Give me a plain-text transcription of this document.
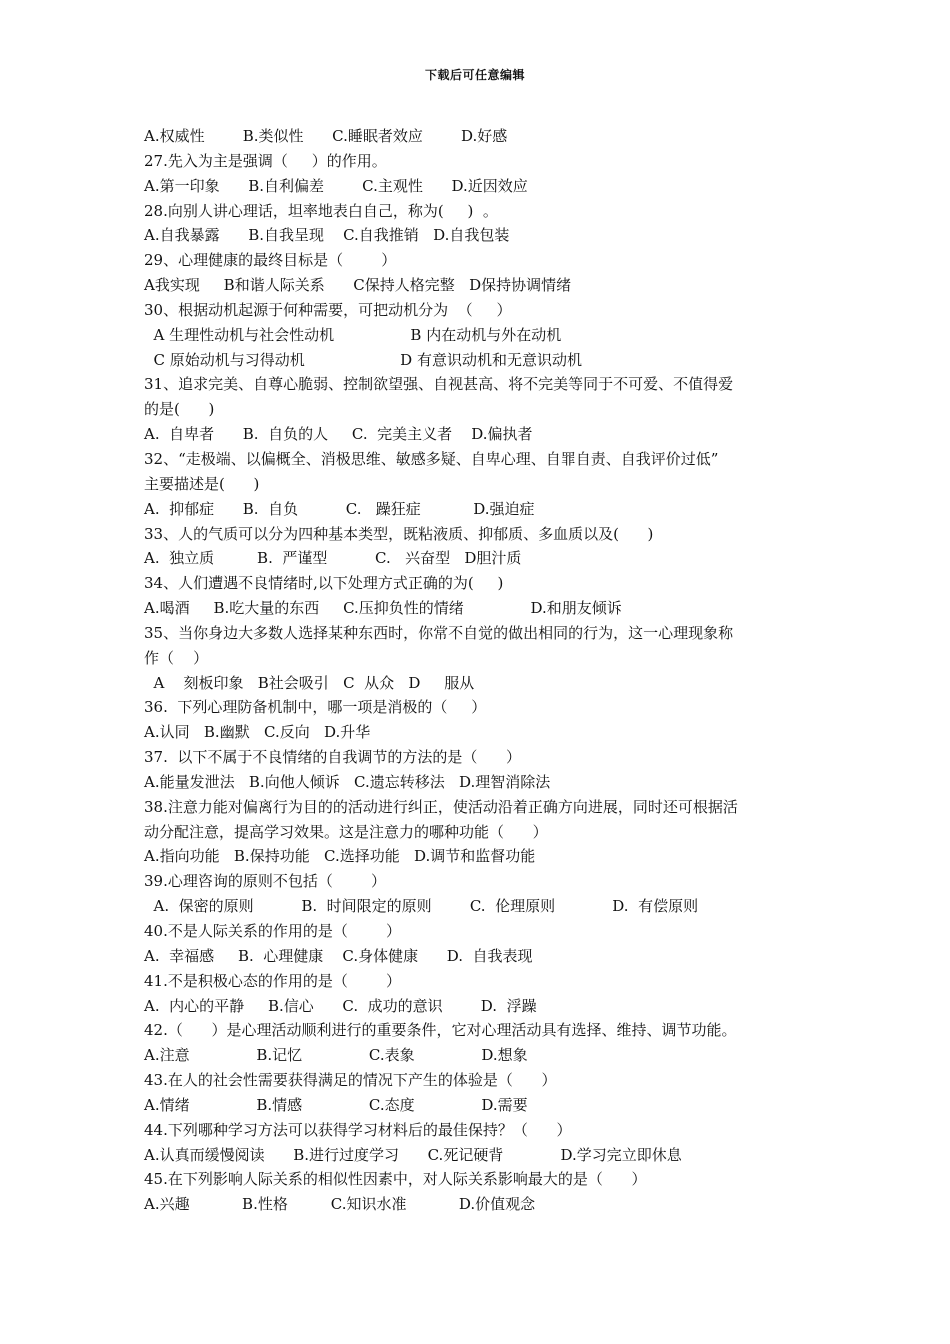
下载后可任意编辑
A.权威性        B.类似性      C.睡眠者效应        D.好感
27.先入为主是强调（     ）的作用。
A.第一印象      B.自利偏差        C.主观性      D.近因效应
28.向别人讲心理话，坦率地表白自己，称为(     )  。
A.自我暴露      B.自我呈现    C.自我推销   D.自我包装
29、心理健康的最终目标是（        ）
A我实现     B和谐人际关系      C保持人格完整   D保持协调情绪
30、根据动机起源于何种需要，可把动机分为  （     ）
A 生理性动机与社会性动机                B 内在动机与外在动机
C 原始动机与习得动机                    D 有意识动机和无意识动机
31、追求完美、自尊心脆弱、控制欲望强、自视甚高、将不完美等同于不可爱、不值得爱
的是(      )
A.  自卑者      B.  自负的人     C.  完美主义者    D.偏执者
32、“走极端、以偏概全、消极思维、敏感多疑、自卑心理、自罪自责、自我评价过低”
主要描述是(      )
A.  抑郁症      B.  自负          C.   躁狂症           D.强迫症
33、人的气质可以分为四种基本类型，既粘液质、抑郁质、多血质以及(      )
A.  独立质         B.  严谨型          C.   兴奋型   D胆汁质
34、人们遭遇不良情绪时,以下处理方式正确的为(     )
A.喝酒     B.吃大量的东西     C.压抑负性的情绪              D.和朋友倾诉
35、当你身边大多数人选择某种东西时，你常不自觉的做出相同的行为，这一心理现象称
作（    ）
A    刻板印象   B社会吸引   C  从众   D     服从
36.  下列心理防备机制中，哪一项是消极的（     ）
A.认同   B.幽默   C.反向   D.升华
37.  以下不属于不良情绪的自我调节的方法的是（      ）
A.能量发泄法   B.向他人倾诉   C.遗忘转移法   D.理智消除法
38.注意力能对偏离行为目的的活动进行纠正，使活动沿着正确方向进展，同时还可根据活
动分配注意，提高学习效果。这是注意力的哪种功能（      ）
A.指向功能   B.保持功能   C.选择功能   D.调节和监督功能
39.心理咨询的原则不包括（        ）
A.  保密的原则          B.  时间限定的原则        C.  伦理原则            D.  有偿原则
40.不是人际关系的作用的是（        ）
A.  幸福感     B.  心理健康    C.身体健康      D.  自我表现
41.不是积极心态的作用的是（        ）
A.  内心的平静     B.信心      C.  成功的意识        D.  浮躁
42.（      ）是心理活动顺利进行的重要条件，它对心理活动具有选择、维持、调节功能。
A.注意              B.记忆              C.表象              D.想象
43.在人的社会性需要获得满足的情况下产生的体验是（      ）
A.情绪              B.情感              C.态度              D.需要
44.下列哪种学习方法可以获得学习材料后的最佳保持？（      ）
A.认真而缓慢阅读      B.进行过度学习      C.死记硬背            D.学习完立即休息
45.在下列影响人际关系的相似性因素中，对人际关系影响最大的是（      ）
A.兴趣           B.性格         C.知识水准           D.价值观念
